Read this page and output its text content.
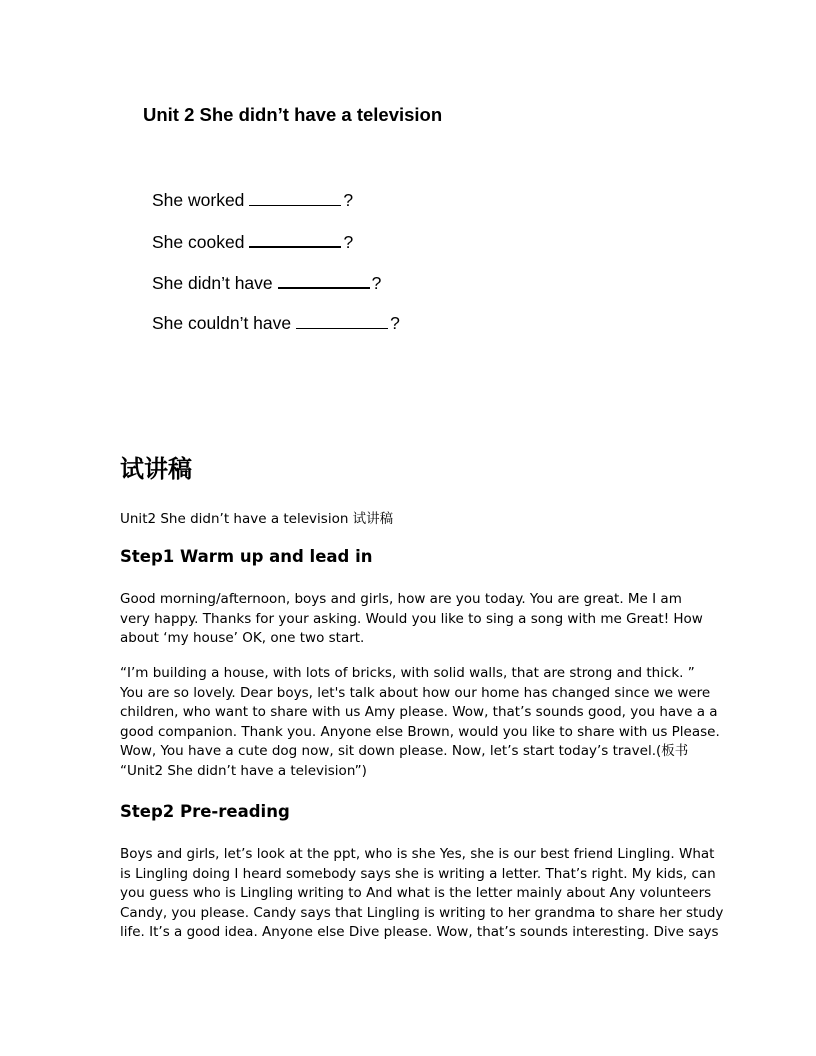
Unit 2 She didn’t have a television
She worked	?
She cooked	?
She didn’t have	?
She couldn’t have	?
试讲稿
Unit2 She didn’t have a television 试讲稿
Step1 Warm up and lead in
Good morning/afternoon, boys and girls, how are you today. You are great. Me I am
very happy. Thanks for your asking. Would you like to sing a song with me Great! How
about ‘my house’ OK, one two start.
“I’m building a house, with lots of bricks, with solid walls, that are strong and thick. ”
You are so lovely. Dear boys, let's talk about how our home has changed since we were
children, who want to share with us Amy please. Wow, that’s sounds good, you have a a
good companion. Thank you. Anyone else Brown, would you like to share with us Please.
Wow, You have a cute dog now, sit down please. Now, let’s start today’s travel.(板书
“Unit2 She didn’t have a television”)
Step2 Pre-reading
Boys and girls, let’s look at the ppt, who is she Yes, she is our best friend Lingling. What
is Lingling doing I heard somebody says she is writing a letter. That’s right. My kids, can
you guess who is Lingling writing to And what is the letter mainly about Any volunteers
Candy, you please. Candy says that Lingling is writing to her grandma to share her study
life. It’s a good idea. Anyone else Dive please. Wow, that’s sounds interesting. Dive says
